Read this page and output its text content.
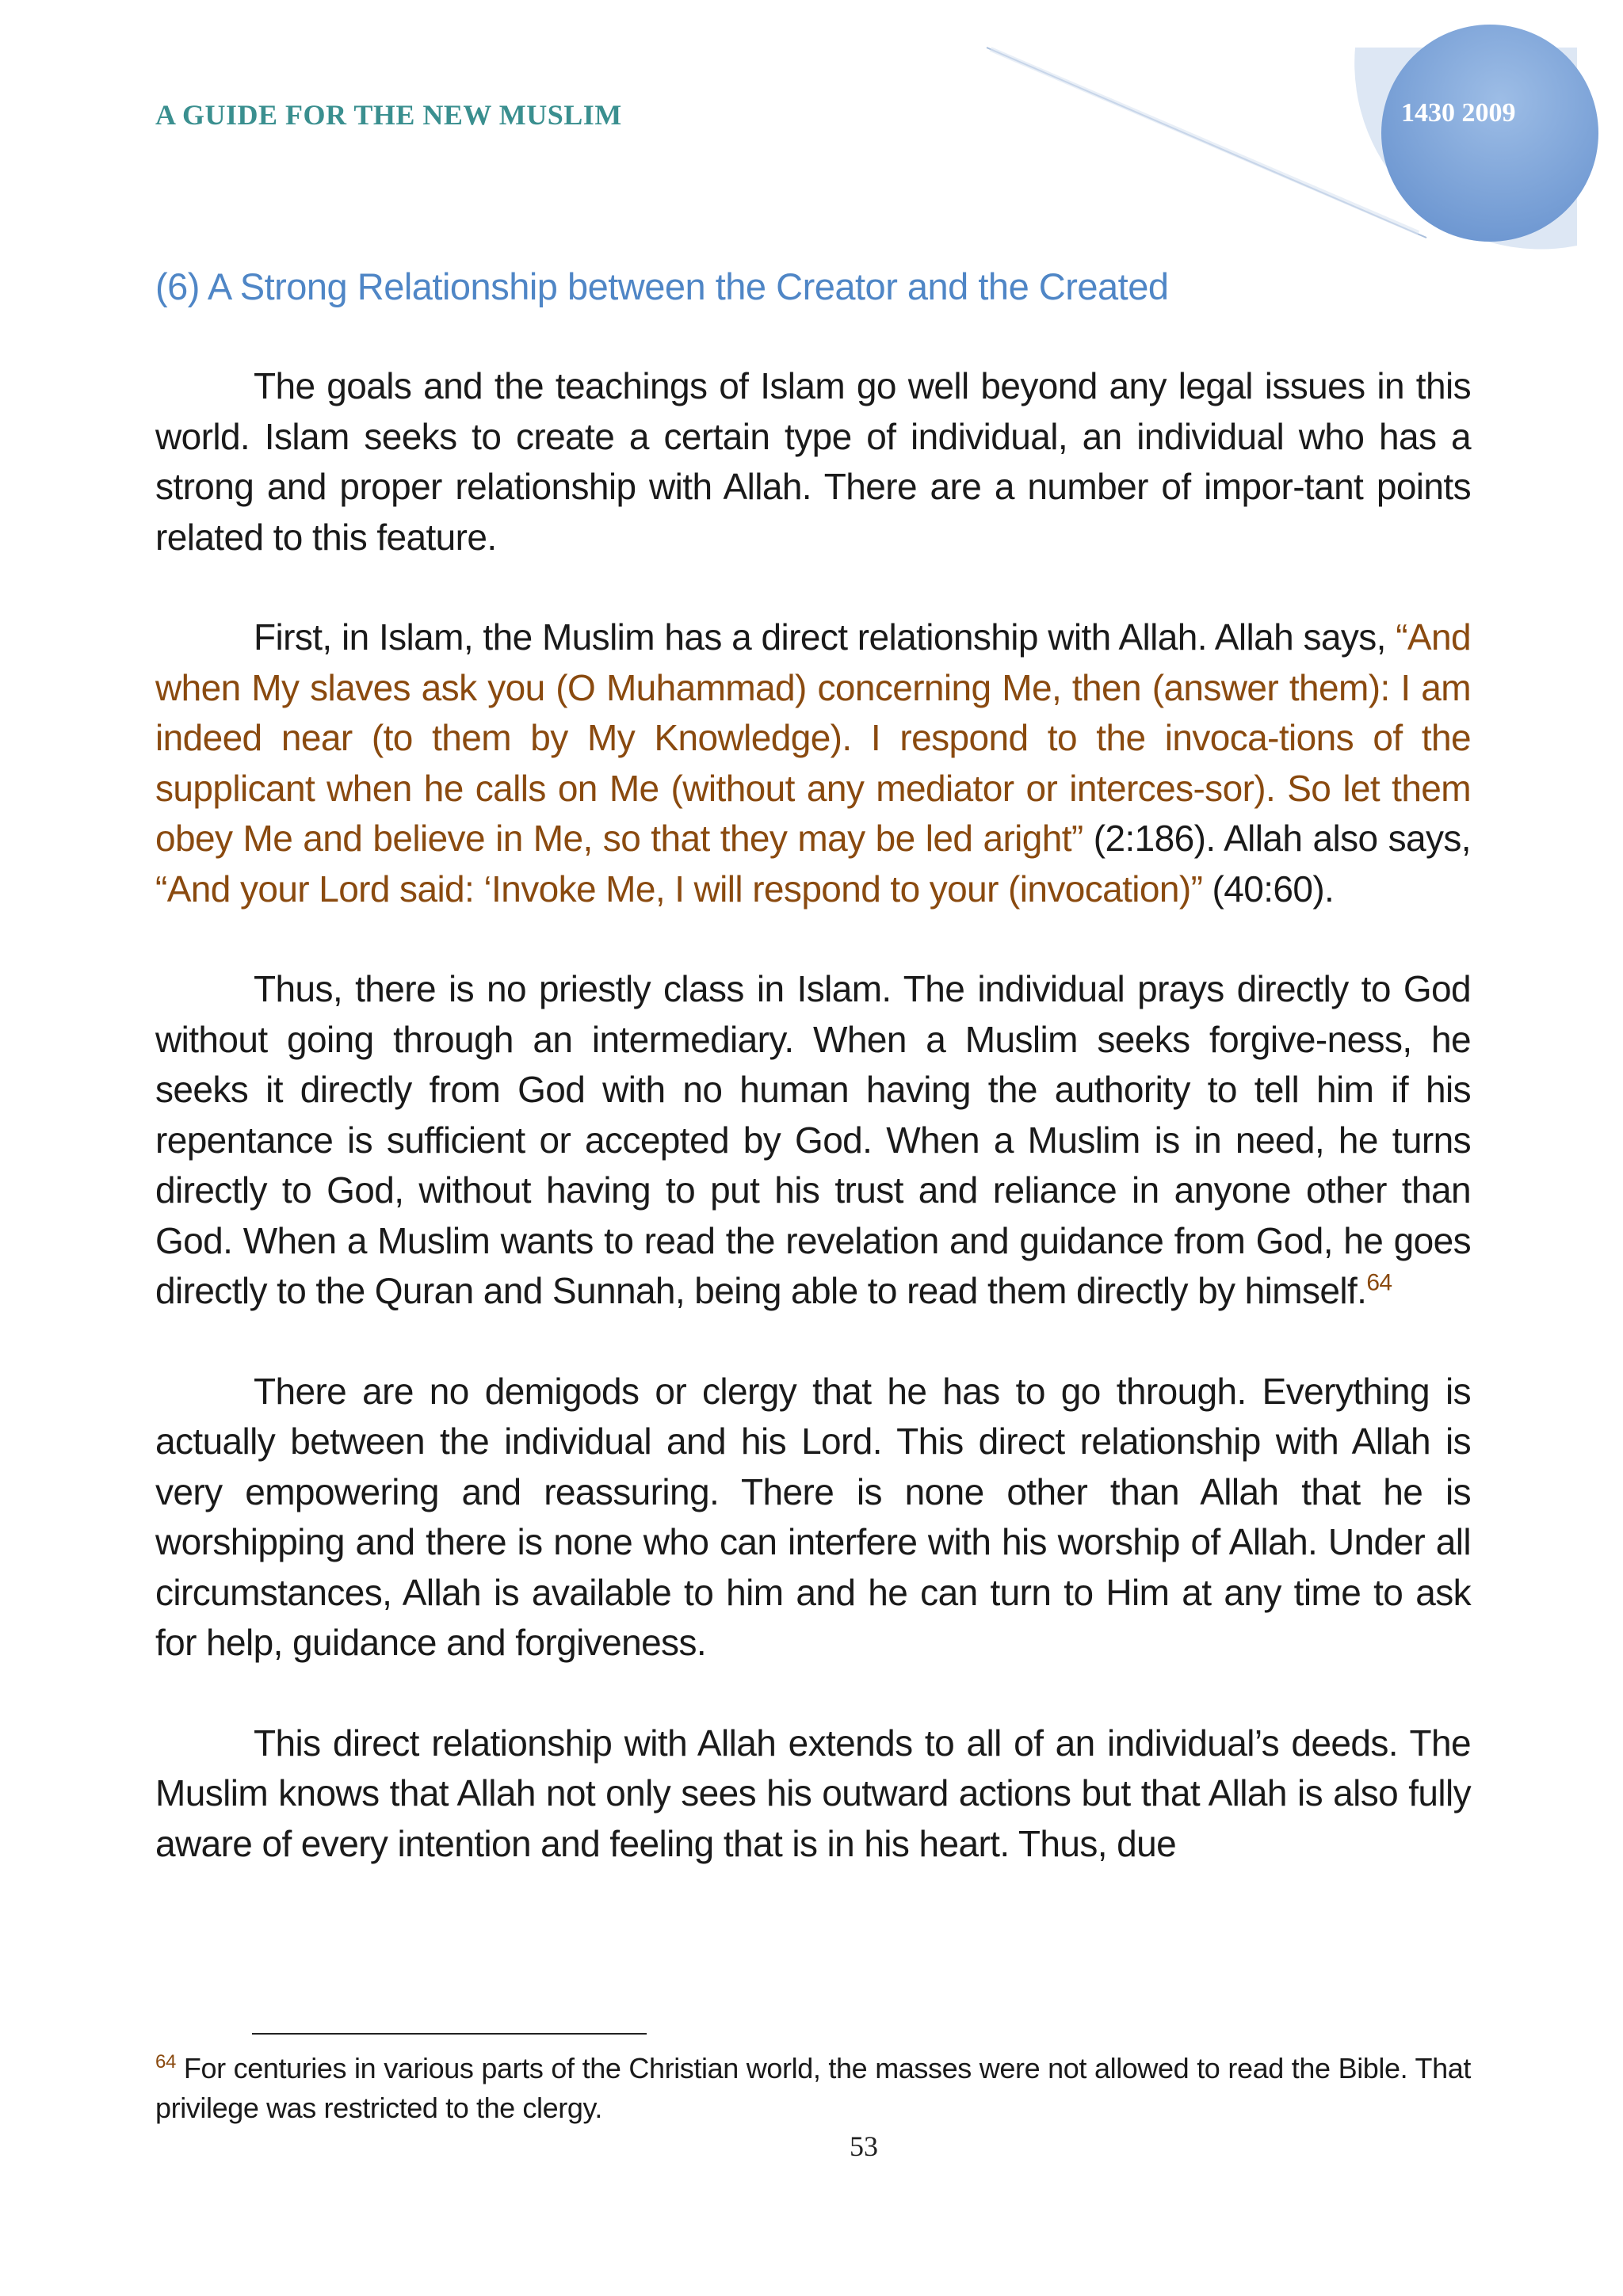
A GUIDE FOR THE NEW MUSLIM	1430 2009
(6) A Strong Relationship between the Creator and the Created

The goals and the teachings of Islam go well beyond any legal issues in this world. Islam seeks to create a certain type of individual, an individual who has a strong and proper relationship with Allah. There are a number of impor-tant points related to this feature.

First, in Islam, the Muslim has a direct relationship with Allah. Allah says, “And when My slaves ask you (O Muhammad) concerning Me, then (answer them): I am indeed near (to them by My Knowledge). I respond to the invoca-tions of the supplicant when he calls on Me (without any mediator or interces-sor). So let them obey Me and believe in Me, so that they may be led aright” (2:186). Allah also says, “And your Lord said: ‘Invoke Me, I will respond to your (invocation)” (40:60).

Thus, there is no priestly class in Islam. The individual prays directly to God without going through an intermediary. When a Muslim seeks forgive-ness, he seeks it directly from God with no human having the authority to tell him if his repentance is sufficient or accepted by God. When a Muslim is in need, he turns directly to God, without having to put his trust and reliance in anyone other than God. When a Muslim wants to read the revelation and guidance from God, he goes directly to the Quran and Sunnah, being able to read them directly by himself.$^{64}$

There are no demigods or clergy that he has to go through. Everything is actually between the individual and his Lord. This direct relationship with Allah is very empowering and reassuring. There is none other than Allah that he is worshipping and there is none who can interfere with his worship of Allah. Under all circumstances, Allah is available to him and he can turn to Him at any time to ask for help, guidance and forgiveness.

This direct relationship with Allah extends to all of an individual’s deeds. The Muslim knows that Allah not only sees his outward actions but that Allah is also fully aware of every intention and feeling that is in his heart. Thus, due

$^{64}$ For centuries in various parts of the Christian world, the masses were not allowed to read the Bible. That privilege was restricted to the clergy.
53
